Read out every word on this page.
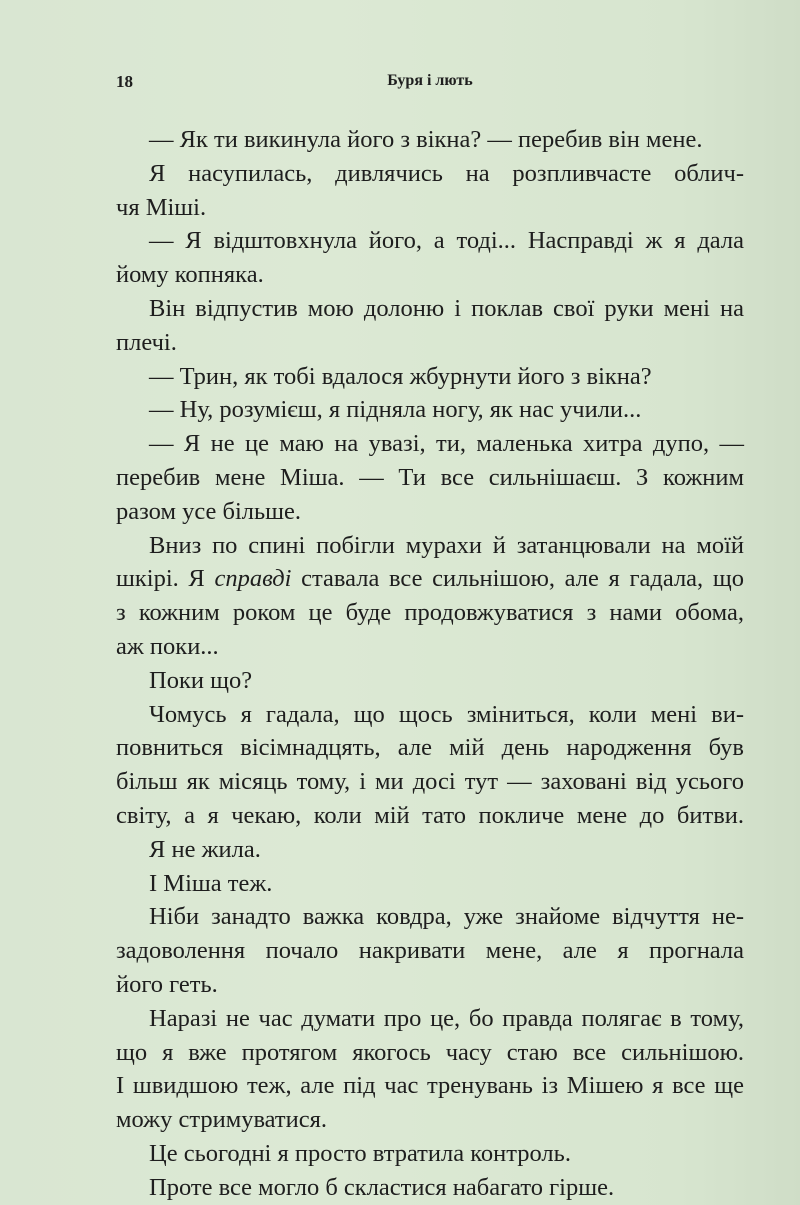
18	Буря і лють

— Як ти викинула його з вікна? — перебив він мене.

Я насупилась, дивлячись на розпливчасте облич-
чя Міші.

— Я відштовхнула його, а тоді... Насправді ж я дала
йому копняка.

Він відпустив мою долоню і поклав свої руки мені на
плечі.

— Трин, як тобі вдалося жбурнути його з вікна?

— Ну, розумієш, я підняла ногу, як нас учили...

— Я не це маю на увазі, ти, маленька хитра дупо, —
перебив мене Міша. — Ти все сильнішаєш. З кожним
разом усе більше.

Вниз по спині побігли мурахи й затанцювали на моїй
шкірі. Я справді ставала все сильнішою, але я гадала, що
з кожним роком це буде продовжуватися з нами обома,
аж поки...

Поки що?

Чомусь я гадала, що щось зміниться, коли мені ви-
повниться вісімнадцять, але мій день народження був
більш як місяць тому, і ми досі тут — заховані від усього
світу, а я чекаю, коли мій тато покличе мене до битви.

Я не жила.

І Міша теж.

Ніби занадто важка ковдра, уже знайоме відчуття не-
задоволення почало накривати мене, але я прогнала
його геть.

Наразі не час думати про це, бо правда полягає в тому,
що я вже протягом якогось часу стаю все сильнішою.
І швидшою теж, але під час тренувань із Мішею я все ще
можу стримуватися.

Це сьогодні я просто втратила контроль.

Проте все могло б скластися набагато гірше.
